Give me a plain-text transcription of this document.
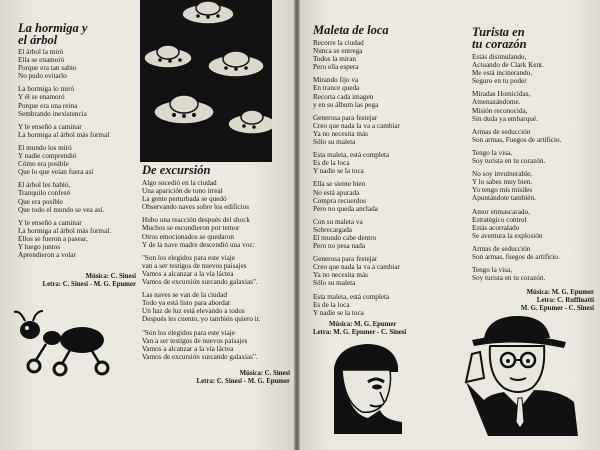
La hormiga y
el árbol
El árbol la miró
Ella se enamoró
Porque era tan sabio
No pudo evitarlo
La hormiga lo miró
Y él se enamoró
Porque era una reina
Sembrando inexistencia
Y le enseñó a caminar
La hormiga al árbol más formal
El mundo los miró
Y nadie comprendió
Cómo era posible
Que lo que veían fuera así
El árbol les habló,
Tranquilo confesó
Que era posible
Que todo el mundo se vea así.
Y le enseñó a caminar
La hormiga al árbol más formal.
Ellos se fueron a pasear,
Y luego juntos
Aprendieron a volar
Música: C. Sinesi
Letra: C. Sinesi - M. G. Epumer
De excursión
Algo sucedió en la ciudad
Una aparición de tono irreal
La gente perturbada se quedó
Observando naves sobre los edificios
Hubo una reacción después del shock
Muchos se escondieron por temor
Otros emocionados se quedaron
Y de la nave madre descendió una voz:
"Son los elegidos para este viaje
van a ser testigos de nuevos paisajes
Vamos a alcanzar a la vía láctea
Vamos de excursión surcando galaxias".
Las naves se van de la ciudad
Todo ya está listo para abordar
Un haz de luz está elevando a todos
Después les cuento, yo también quiero ir.
"Son los elegidos para este viaje
Van a ser testigos de nuevos paisajes
Vamos a alcanzar a la vía láctea
Vamos de excursión surcando galaxias".
Música: C. Sinesi
Letra: C. Sinesi - M. G. Epumer
Maleta de loca
Recorre la ciudad
Nunca se entrega
Todos la miran
Pero ella espera
Mirando fijo va
En trance queda
Recorta cada imagen
y en su álbum las pega
Generosa para festejar
Creo que nada la va a cambiar
Ya no necesita más
Sólo su maleta
Esta maleta, está completa
Es de la loca
Y nadie se la toca
Ella se siente bien
No está apurada
Compra recuerdos
Pero no queda anclada
Con su maleta va
Sobrecargada
El mundo cabe dentro
Pero no pesa nada
Generosa para festejar
Creo que nada la va a cambiar
Ya no necesita más
Sólo su maleta
Esta maleta, está completa
Es de la loca
Y nadie se la toca
Música: M. G. Epumer
Letra: M. G. Epumer - C. Sinesi
Turista en
tu corazón
Estás disimulando,
Actuando de Clark Kent.
Me está incinerando,
Seguro en tu poder
Miradas Homicidas,
Amenazándome.
Misión reconocida,
Sin duda ya embarqué.
Armas de seducción
Son armas, Fuegos de artificio.
Tengo la visa,
Soy turista en tu corazón.
No soy invulnerable,
Y lo sabes muy bien.
Yo tengo mis misiles
Apuntándote también.
Amor enmascarado,
Estratégico control
Estás acorralado
Se aventura la explosión
Armas de seducción
Son armas, fuegos de artificio.
Tengo la visa,
Soy turista en tu corazón.
Música: M. G. Epumer
Letra: C. Ruffinatti
M. G. Epumer - C. Sinesi
